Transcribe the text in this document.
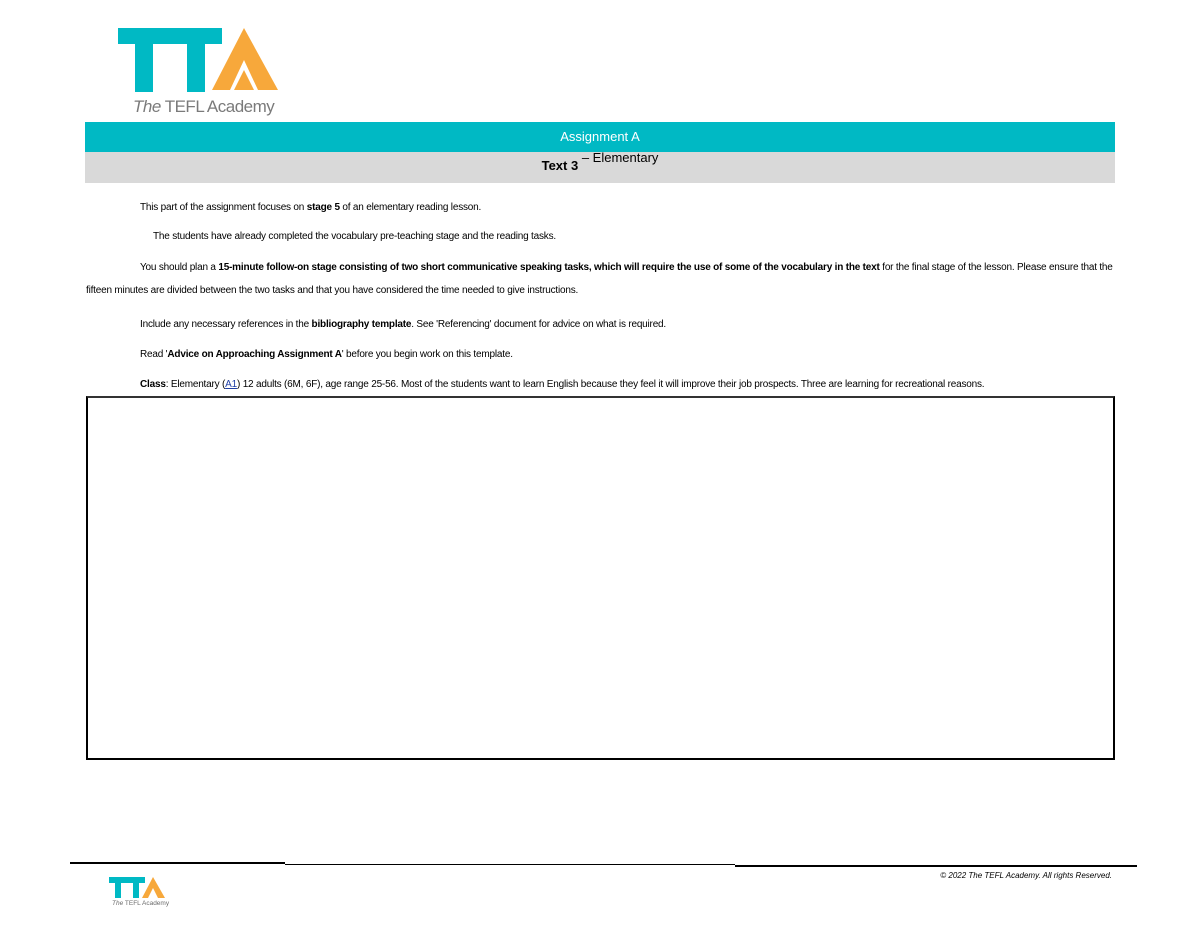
The TEFL Academy
Assignment A
Text 3 – Elementary
This part of the assignment focuses on stage 5 of an elementary reading lesson.
The students have already completed the vocabulary pre-teaching stage and the reading tasks.
You should plan a 15-minute follow-on stage consisting of two short communicative speaking tasks, which will require the use of some of the vocabulary in the text for the final stage of the lesson. Please ensure that the
fifteen minutes are divided between the two tasks and that you have considered the time needed to give instructions.
Include any necessary references in the bibliography template. See 'Referencing' document for advice on what is required.
Read 'Advice on Approaching Assignment A' before you begin work on this template.
Class: Elementary (A1) 12 adults (6M, 6F), age range 25-56. Most of the students want to learn English because they feel it will improve their job prospects. Three are learning for recreational reasons.
The TEFL Academy
© 2022 The TEFL Academy. All rights Reserved.
